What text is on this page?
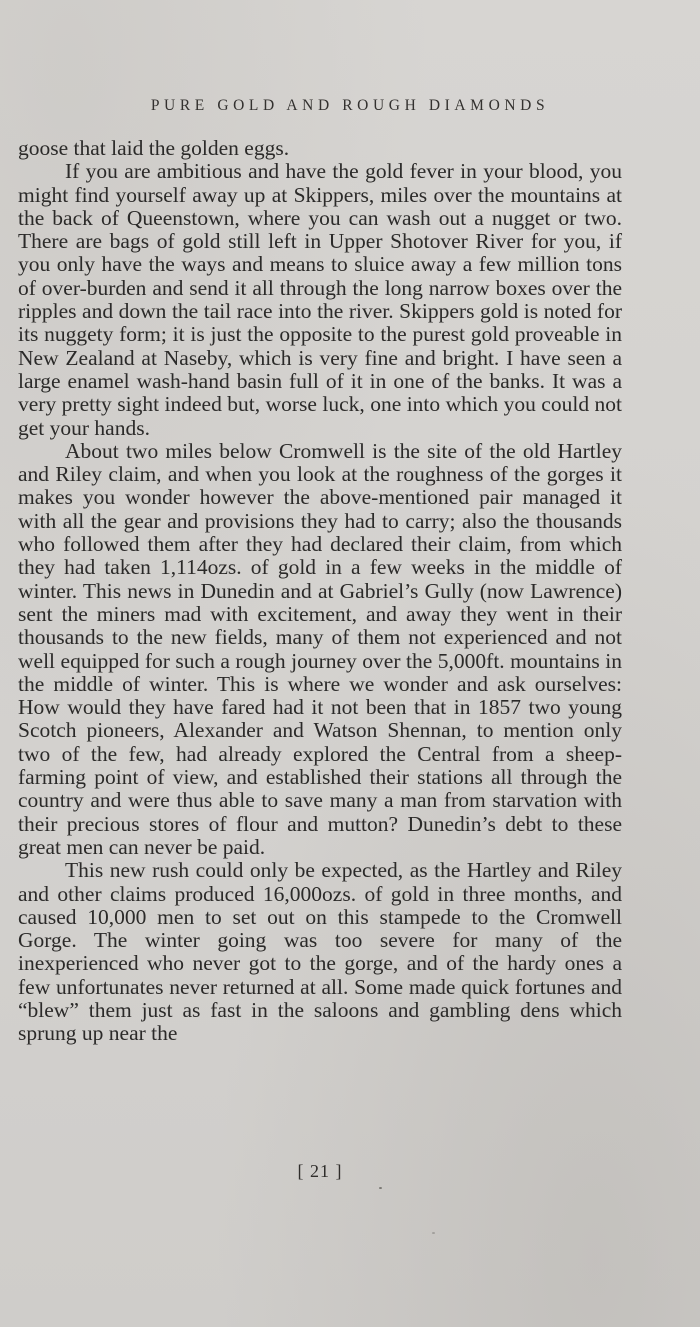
PURE GOLD AND ROUGH DIAMONDS

goose that laid the golden eggs.

If you are ambitious and have the gold fever in your blood, you might find yourself away up at Skippers, miles over the mountains at the back of Queenstown, where you can wash out a nugget or two. There are bags of gold still left in Upper Shotover River for you, if you only have the ways and means to sluice away a few million tons of over-burden and send it all through the long narrow boxes over the ripples and down the tail race into the river. Skippers gold is noted for its nuggety form; it is just the opposite to the purest gold proveable in New Zealand at Naseby, which is very fine and bright. I have seen a large enamel wash-hand basin full of it in one of the banks. It was a very pretty sight indeed but, worse luck, one into which you could not get your hands.

About two miles below Cromwell is the site of the old Hartley and Riley claim, and when you look at the roughness of the gorges it makes you wonder however the above-mentioned pair managed it with all the gear and provisions they had to carry; also the thousands who followed them after they had declared their claim, from which they had taken 1,114ozs. of gold in a few weeks in the middle of winter. This news in Dunedin and at Gabriel’s Gully (now Lawrence) sent the miners mad with excitement, and away they went in their thousands to the new fields, many of them not experienced and not well equipped for such a rough journey over the 5,000ft. mountains in the middle of winter. This is where we wonder and ask ourselves: How would they have fared had it not been that in 1857 two young Scotch pioneers, Alexander and Watson Shennan, to mention only two of the few, had already explored the Central from a sheep-farming point of view, and established their stations all through the country and were thus able to save many a man from starvation with their precious stores of flour and mutton? Dunedin’s debt to these great men can never be paid.

This new rush could only be expected, as the Hartley and Riley and other claims produced 16,000ozs. of gold in three months, and caused 10,000 men to set out on this stampede to the Cromwell Gorge. The winter going was too severe for many of the inexperienced who never got to the gorge, and of the hardy ones a few unfortunates never returned at all. Some made quick fortunes and “blew” them just as fast in the saloons and gambling dens which sprung up near the

[ 21 ]
